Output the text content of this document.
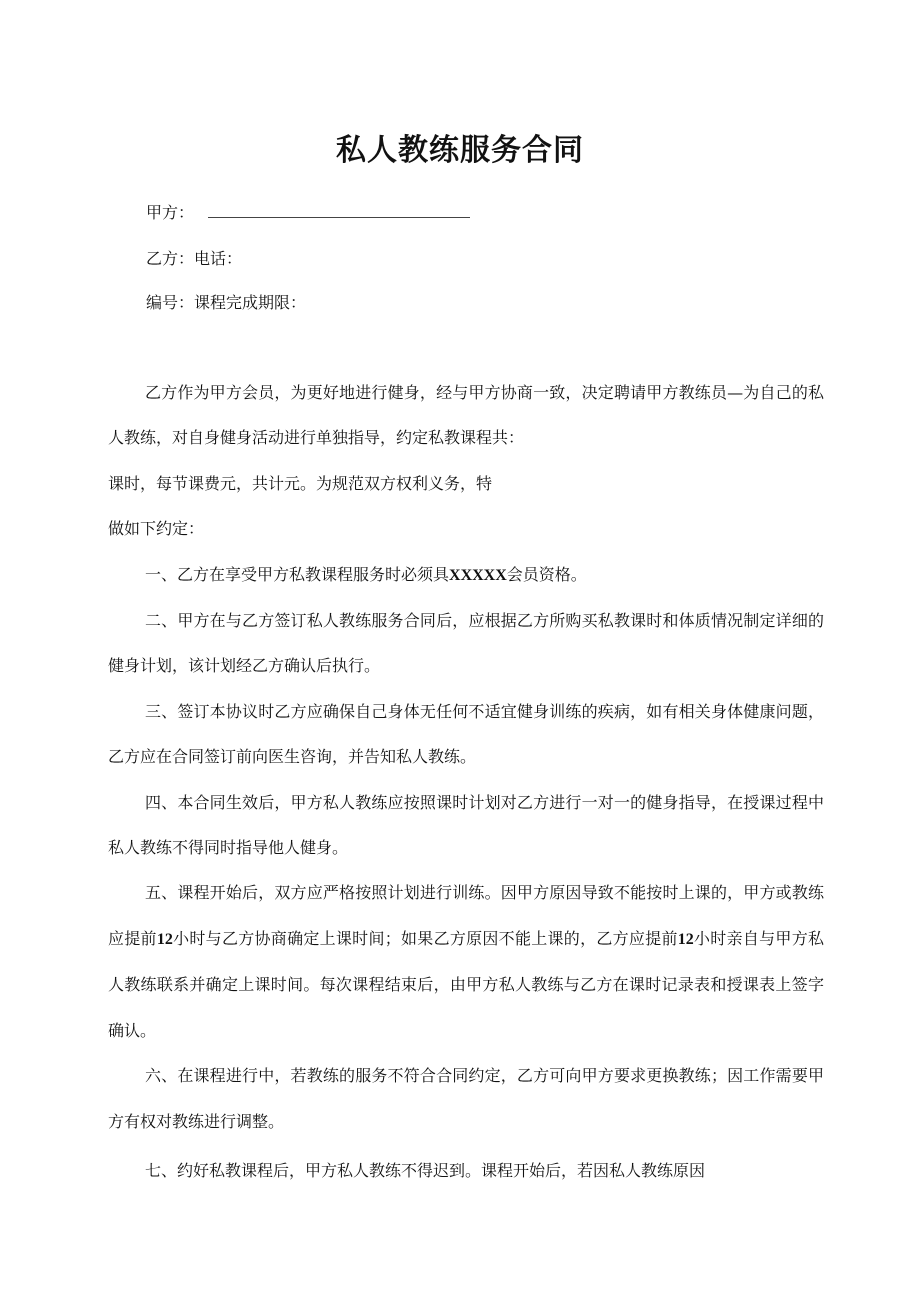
私人教练服务合同
甲方：
乙方：电话：
编号：课程完成期限：

乙方作为甲方会员，为更好地进行健身，经与甲方协商一致，决定聘请甲方教练员—为自己的私人教练，对自身健身活动进行单独指导，约定私教课程共：

课时，每节课费元，共计元。为规范双方权利义务，特

做如下约定：

一、乙方在享受甲方私教课程服务时必须具XXXXX会员资格。

二、甲方在与乙方签订私人教练服务合同后，应根据乙方所购买私教课时和体质情况制定详细的健身计划，该计划经乙方确认后执行。

三、签订本协议时乙方应确保自己身体无任何不适宜健身训练的疾病，如有相关身体健康问题，乙方应在合同签订前向医生咨询，并告知私人教练。

四、本合同生效后，甲方私人教练应按照课时计划对乙方进行一对一的健身指导，在授课过程中私人教练不得同时指导他人健身。

五、课程开始后，双方应严格按照计划进行训练。因甲方原因导致不能按时上课的，甲方或教练应提前12小时与乙方协商确定上课时间；如果乙方原因不能上课的，乙方应提前12小时亲自与甲方私人教练联系并确定上课时间。每次课程结束后，由甲方私人教练与乙方在课时记录表和授课表上签字确认。

六、在课程进行中，若教练的服务不符合合同约定，乙方可向甲方要求更换教练；因工作需要甲方有权对教练进行调整。

七、约好私教课程后，甲方私人教练不得迟到。课程开始后，若因私人教练原因
